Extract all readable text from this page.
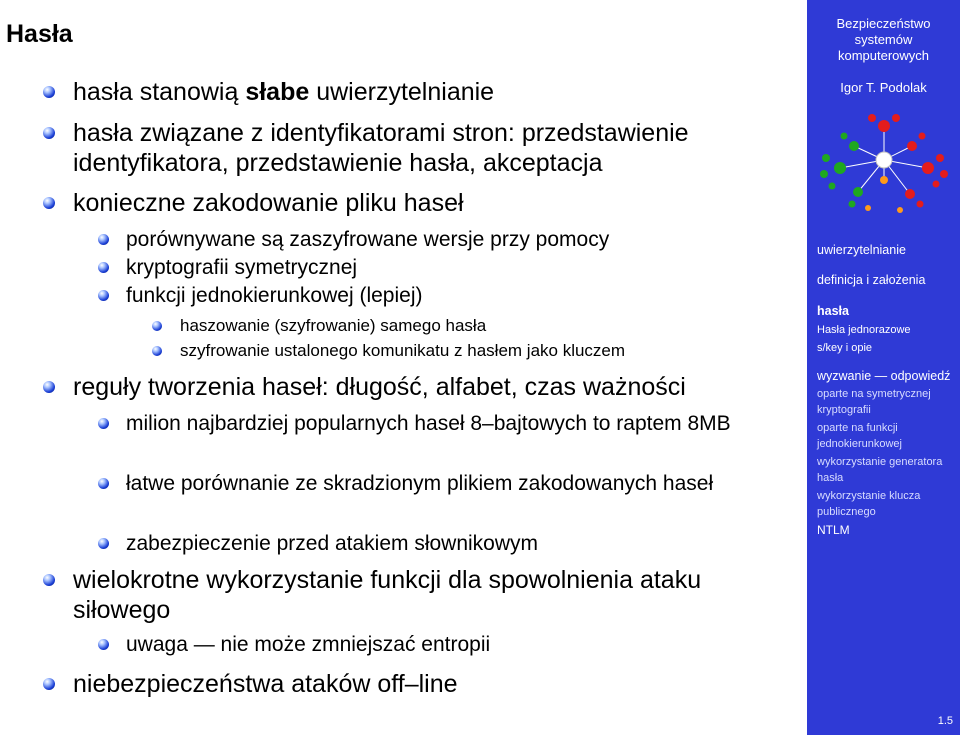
Hasła
hasła stanowią słabe uwierzytelnianie
hasła związane z identyfikatorami stron: przedstawienie identyfikatora, przedstawienie hasła, akceptacja
konieczne zakodowanie pliku haseł
porównywane są zaszyfrowane wersje przy pomocy
kryptografii symetrycznej
funkcji jednokierunkowej (lepiej)
haszowanie (szyfrowanie) samego hasła
szyfrowanie ustalonego komunikatu z hasłem jako kluczem
reguły tworzenia haseł: długość, alfabet, czas ważności
milion najbardziej popularnych haseł 8–bajtowych to raptem 8MB
łatwe porównanie ze skradzionym plikiem zakodowanych haseł
zabezpieczenie przed atakiem słownikowym
wielokrotne wykorzystanie funkcji dla spowolnienia ataku siłowego
uwaga — nie może zmniejszać entropii
niebezpieczeństwa ataków off–line
Bezpieczeństwo
systemów
komputerowych
Igor T. Podolak
uwierzytelnianie
definicja i założenia
hasła
Hasła jednorazowe
s/key i opie
wyzwanie — odpowiedź
oparte na symetrycznej
kryptografii
oparte na funkcji
jednokierunkowej
wykorzystanie generatora
hasła
wykorzystanie klucza
publicznego
NTLM
1.5
